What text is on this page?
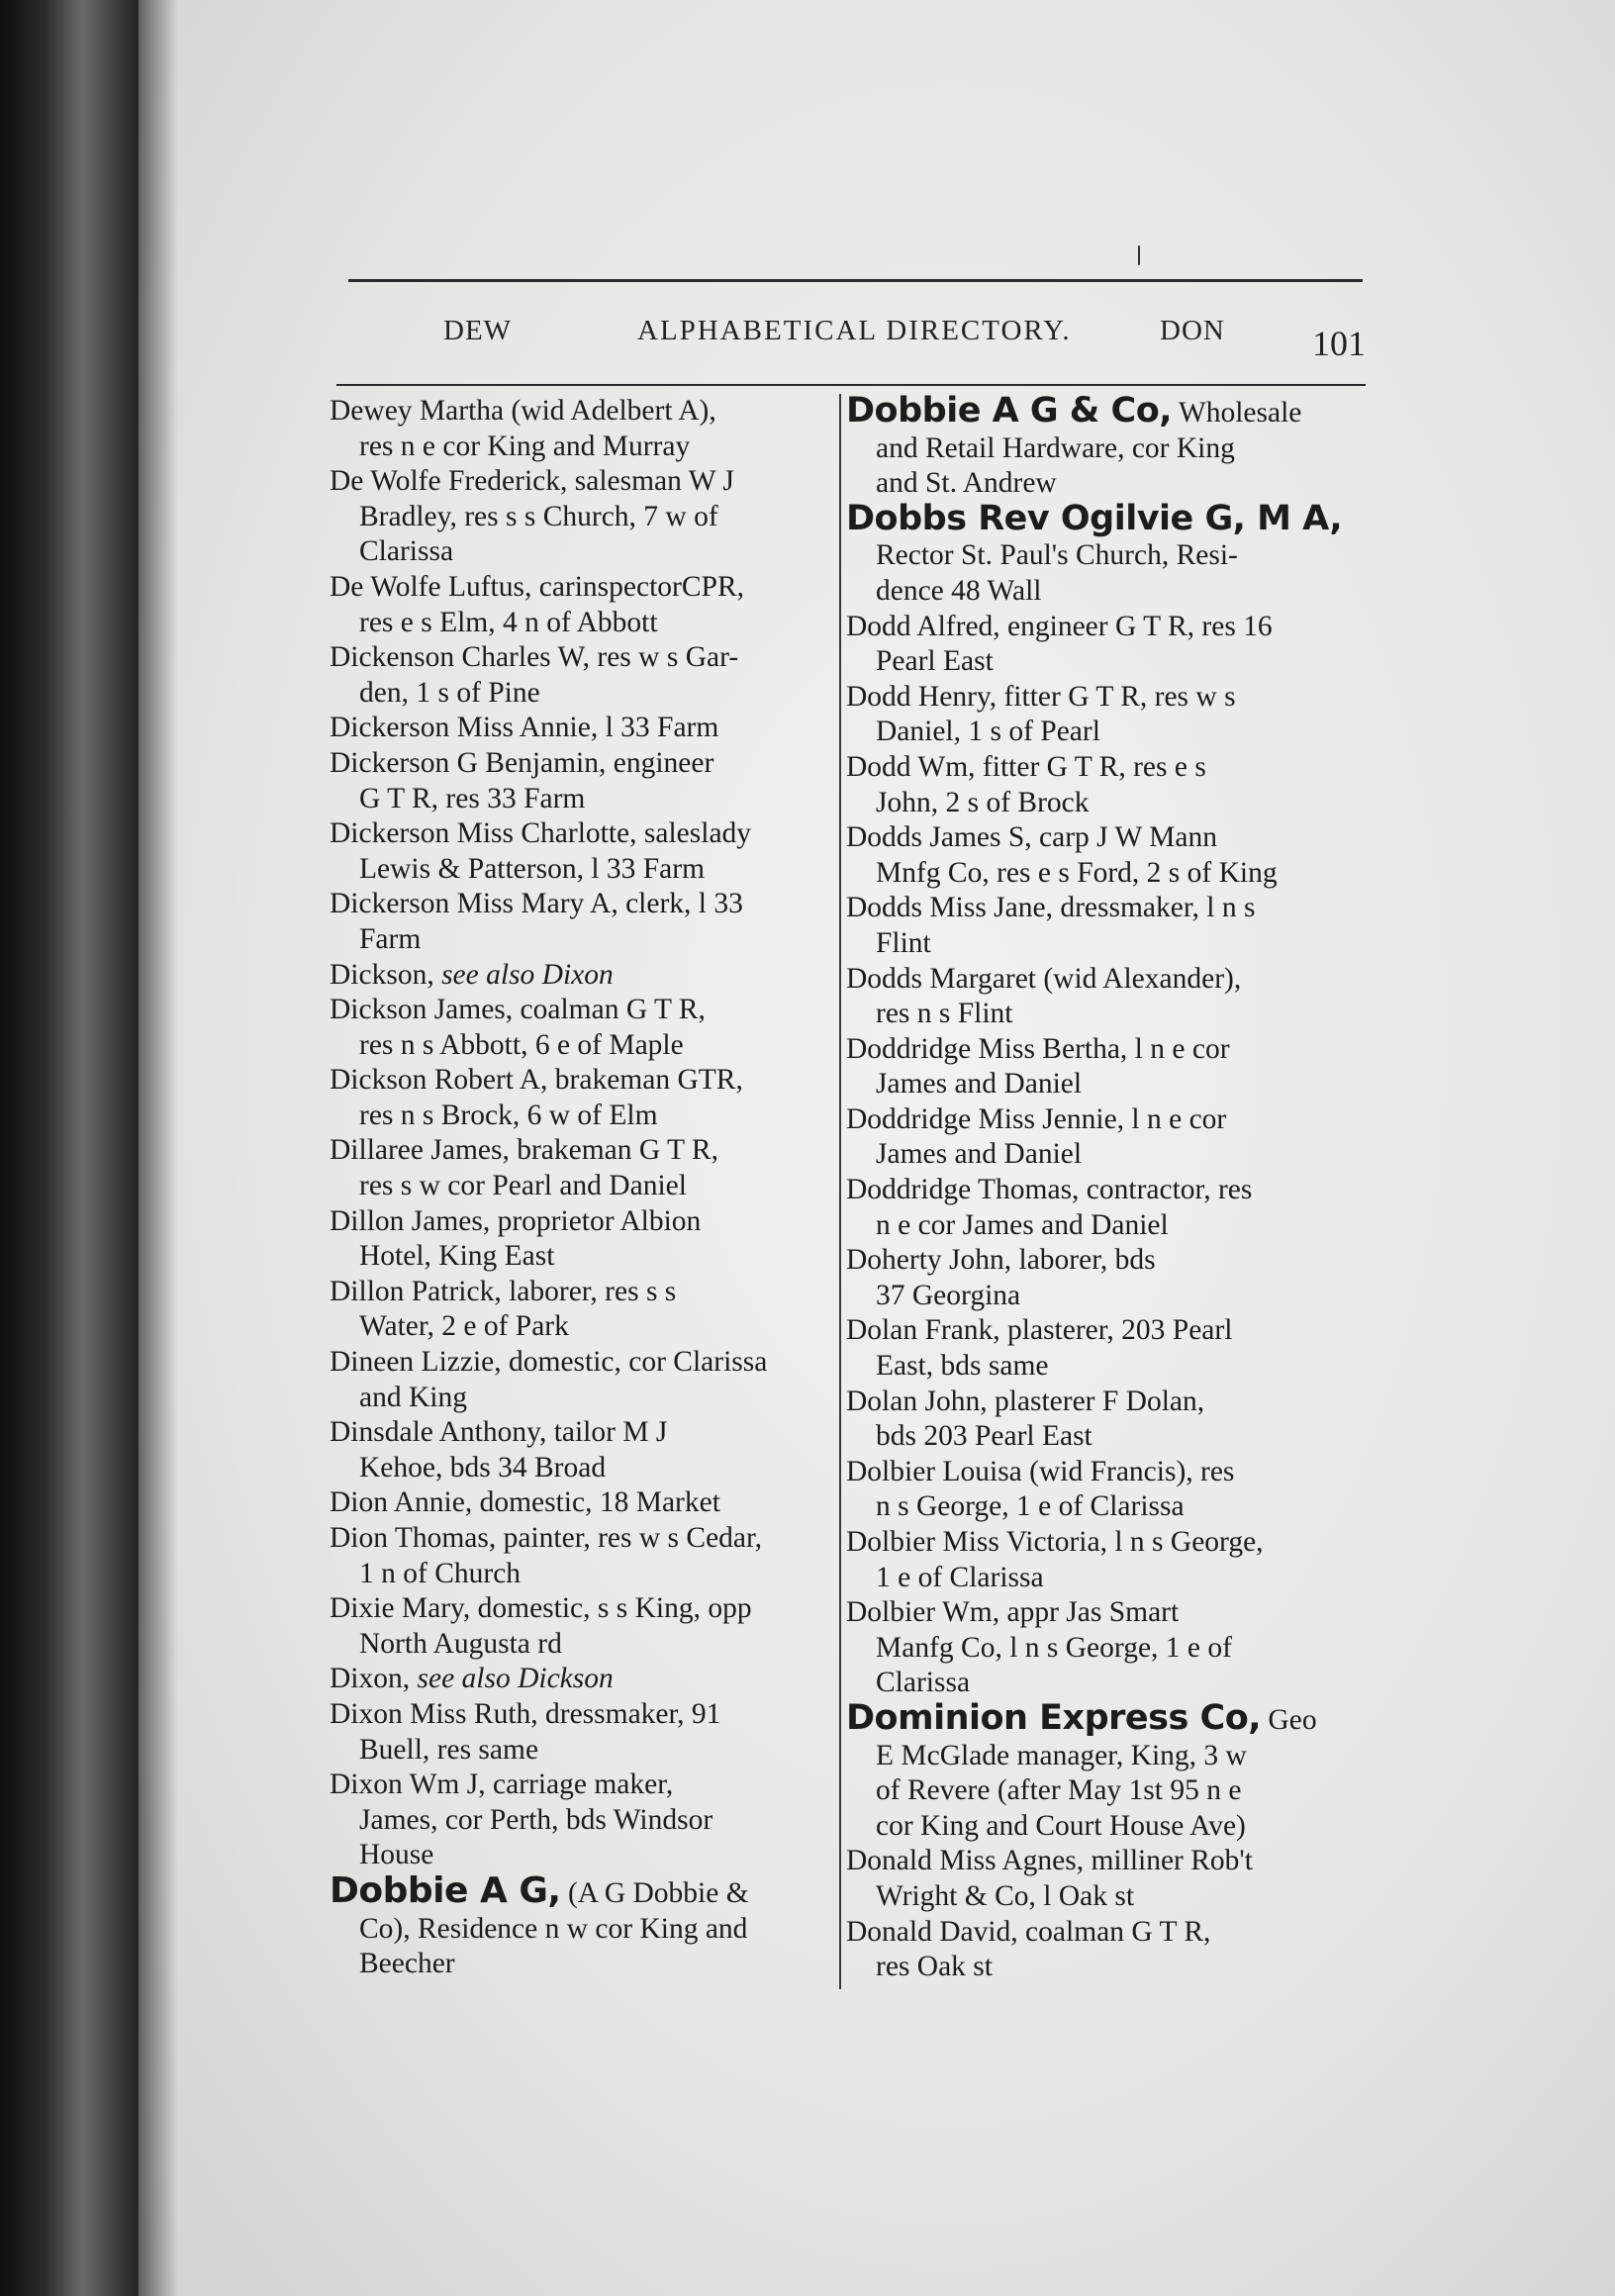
DEW	ALPHABETICAL DIRECTORY.	DON 101
Dewey Martha (wid Adelbert A),
res n e cor King and Murray
De Wolfe Frederick, salesman W J
Bradley, res s s Church, 7 w of
Clarissa
De Wolfe Luftus, carinspectorCPR,
res e s Elm, 4 n of Abbott
Dickenson Charles W, res w s Gar-
den, 1 s of Pine
Dickerson Miss Annie, l 33 Farm
Dickerson G Benjamin, engineer
G T R, res 33 Farm
Dickerson Miss Charlotte, saleslady
Lewis & Patterson, l 33 Farm
Dickerson Miss Mary A, clerk, l 33
Farm
Dickson, see also Dixon
Dickson James, coalman G T R,
res n s Abbott, 6 e of Maple
Dickson Robert A, brakeman GTR,
res n s Brock, 6 w of Elm
Dillaree James, brakeman G T R,
res s w cor Pearl and Daniel
Dillon James, proprietor Albion
Hotel, King East
Dillon Patrick, laborer, res s s
Water, 2 e of Park
Dineen Lizzie, domestic, cor Clarissa
and King
Dinsdale Anthony, tailor M J
Kehoe, bds 34 Broad
Dion Annie, domestic, 18 Market
Dion Thomas, painter, res w s Cedar,
1 n of Church
Dixie Mary, domestic, s s King, opp
North Augusta rd
Dixon, see also Dickson
Dixon Miss Ruth, dressmaker, 91
Buell, res same
Dixon Wm J, carriage maker,
James, cor Perth, bds Windsor
House
Dobbie A G, (A G Dobbie &
Co), Residence n w cor King and
Beecher
Dobbie A G & Co, Wholesale
and Retail Hardware, cor King
and St. Andrew
Dobbs Rev Ogilvie G, M A,
Rector St. Paul's Church, Resi-
dence 48 Wall
Dodd Alfred, engineer G T R, res 16
Pearl East
Dodd Henry, fitter G T R, res w s
Daniel, 1 s of Pearl
Dodd Wm, fitter G T R, res e s
John, 2 s of Brock
Dodds James S, carp J W Mann
Mnfg Co, res e s Ford, 2 s of King
Dodds Miss Jane, dressmaker, l n s
Flint
Dodds Margaret (wid Alexander),
res n s Flint
Doddridge Miss Bertha, l n e cor
James and Daniel
Doddridge Miss Jennie, l n e cor
James and Daniel
Doddridge Thomas, contractor, res
n e cor James and Daniel
Doherty John, laborer, bds
37 Georgina
Dolan Frank, plasterer, 203 Pearl
East, bds same
Dolan John, plasterer F Dolan,
bds 203 Pearl East
Dolbier Louisa (wid Francis), res
n s George, 1 e of Clarissa
Dolbier Miss Victoria, l n s George,
1 e of Clarissa
Dolbier Wm, appr Jas Smart
Manfg Co, l n s George, 1 e of
Clarissa
Dominion Express Co, Geo
E McGlade manager, King, 3 w
of Revere (after May 1st 95 n e
cor King and Court House Ave)
Donald Miss Agnes, milliner Rob't
Wright & Co, l Oak st
Donald David, coalman G T R,
res Oak st
